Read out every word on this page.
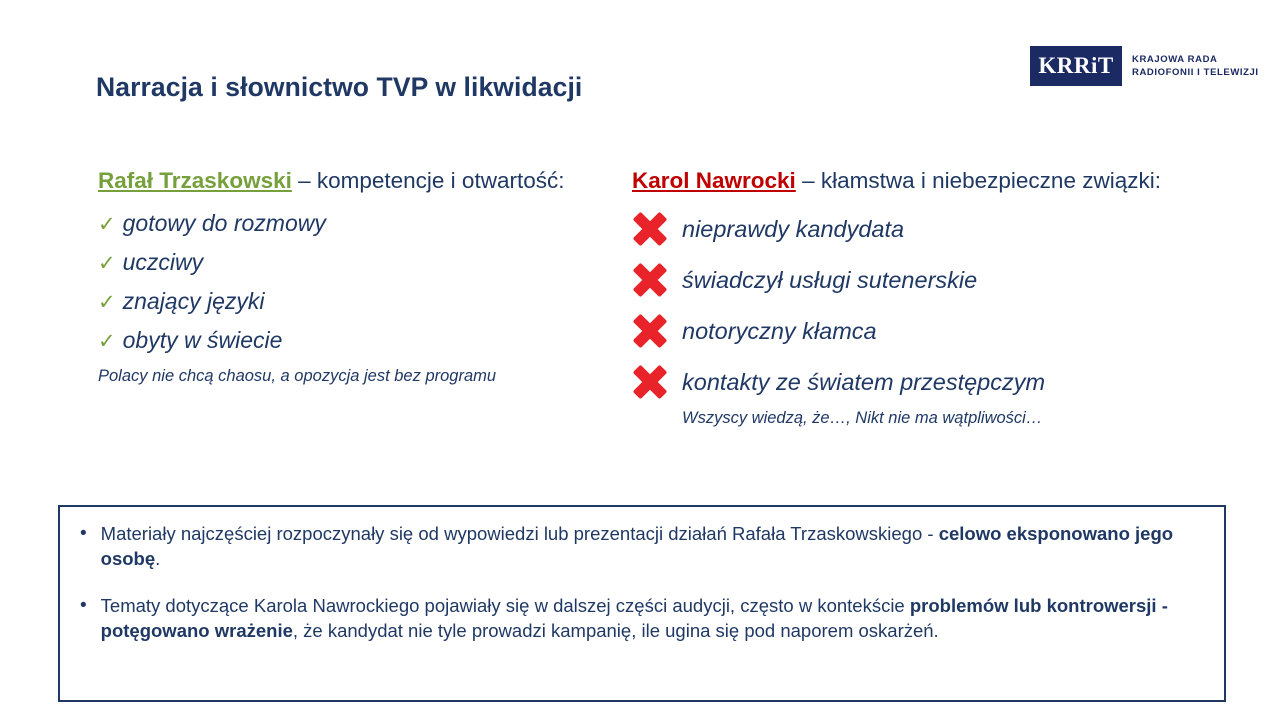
KRRiT	KRAJOWA RADA
RADIOFONII I TELEWIZJI
Narracja i słownictwo TVP w likwidacji
Rafał Trzaskowski – kompetencje i otwartość:
✓ gotowy do rozmowy
✓ uczciwy
✓ znający języki
✓ obyty w świecie
Polacy nie chcą chaosu, a opozycja jest bez programu
Karol Nawrocki – kłamstwa i niebezpieczne związki:
nieprawdy kandydata
świadczył usługi sutenerskie
notoryczny kłamca
kontakty ze światem przestępczym
Wszyscy wiedzą, że…, Nikt nie ma wątpliwości…
• Materiały najczęściej rozpoczynały się od wypowiedzi lub prezentacji działań Rafała Trzaskowskiego - celowo eksponowano jego osobę.
• Tematy dotyczące Karola Nawrockiego pojawiały się w dalszej części audycji, często w kontekście problemów lub kontrowersji - potęgowano wrażenie, że kandydat nie tyle prowadzi kampanię, ile ugina się pod naporem oskarżeń.
